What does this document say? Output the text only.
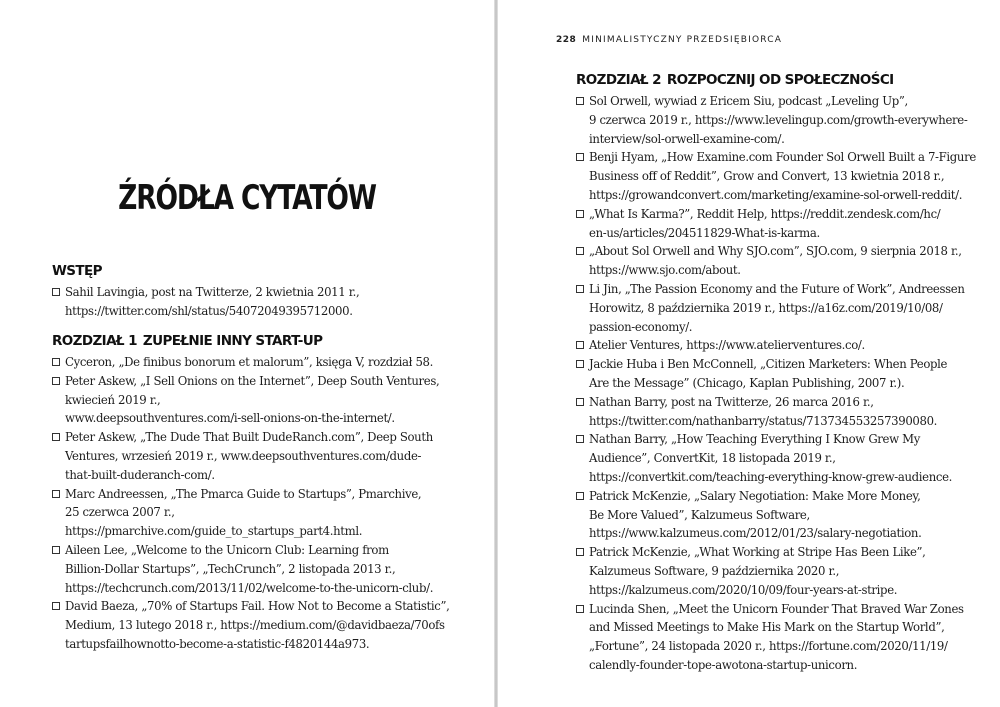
ŹRÓDŁA CYTATÓW
WSTĘP
Sahil Lavingia, post na Twitterze, 2 kwietnia 2011 r.,
https://twitter.com/shl/status/54072049395712000.
ROZDZIAŁ 1 ZUPEŁNIE INNY START-UP
Cyceron, „De finibus bonorum et malorum”, księga V, rozdział 58.
Peter Askew, „I Sell Onions on the Internet”, Deep South Ventures,
kwiecień 2019 r.,
www.deepsouthventures.com/i-sell-onions-on-the-internet/.
Peter Askew, „The Dude That Built DudeRanch.com”, Deep South
Ventures, wrzesień 2019 r., www.deepsouthventures.com/dude-
that-built-duderanch-com/.
Marc Andreessen, „The Pmarca Guide to Startups”, Pmarchive,
25 czerwca 2007 r.,
https://pmarchive.com/guide_to_startups_part4.html.
Aileen Lee, „Welcome to the Unicorn Club: Learning from
Billion-Dollar Startups”, „TechCrunch”, 2 listopada 2013 r.,
https://techcrunch.com/2013/11/02/welcome-to-the-unicorn-club/.
David Baeza, „70% of Startups Fail. How Not to Become a Statistic”,
Medium, 13 lutego 2018 r., https://medium.com/@davidbaeza/70ofs
tartupsfailhownotto-become-a-statistic-f4820144a973.
228 MINIMALISTYCZNY PRZEDSIĘBIORCA
ROZDZIAŁ 2 ROZPOCZNIJ OD SPOŁECZNOŚCI
Sol Orwell, wywiad z Ericem Siu, podcast „Leveling Up”,
9 czerwca 2019 r., https://www.levelingup.com/growth-everywhere-
interview/sol-orwell-examine-com/.
Benji Hyam, „How Examine.com Founder Sol Orwell Built a 7-Figure
Business off of Reddit”, Grow and Convert, 13 kwietnia 2018 r.,
https://growandconvert.com/marketing/examine-sol-orwell-reddit/.
„What Is Karma?”, Reddit Help, https://reddit.zendesk.com/hc/
en-us/articles/204511829-What-is-karma.
„About Sol Orwell and Why SJO.com”, SJO.com, 9 sierpnia 2018 r.,
https://www.sjo.com/about.
Li Jin, „The Passion Economy and the Future of Work”, Andreessen
Horowitz, 8 października 2019 r., https://a16z.com/2019/10/08/
passion-economy/.
Atelier Ventures, https://www.atelierventures.co/.
Jackie Huba i Ben McConnell, „Citizen Marketers: When People
Are the Message” (Chicago, Kaplan Publishing, 2007 r.).
Nathan Barry, post na Twitterze, 26 marca 2016 r.,
https://twitter.com/nathanbarry/status/713734553257390080.
Nathan Barry, „How Teaching Everything I Know Grew My
Audience”, ConvertKit, 18 listopada 2019 r.,
https://convertkit.com/teaching-everything-know-grew-audience.
Patrick McKenzie, „Salary Negotiation: Make More Money,
Be More Valued”, Kalzumeus Software,
https://www.kalzumeus.com/2012/01/23/salary-negotiation.
Patrick McKenzie, „What Working at Stripe Has Been Like”,
Kalzumeus Software, 9 października 2020 r.,
https://kalzumeus.com/2020/10/09/four-years-at-stripe.
Lucinda Shen, „Meet the Unicorn Founder That Braved War Zones
and Missed Meetings to Make His Mark on the Startup World”,
„Fortune”, 24 listopada 2020 r., https://fortune.com/2020/11/19/
calendly-founder-tope-awotona-startup-unicorn.
